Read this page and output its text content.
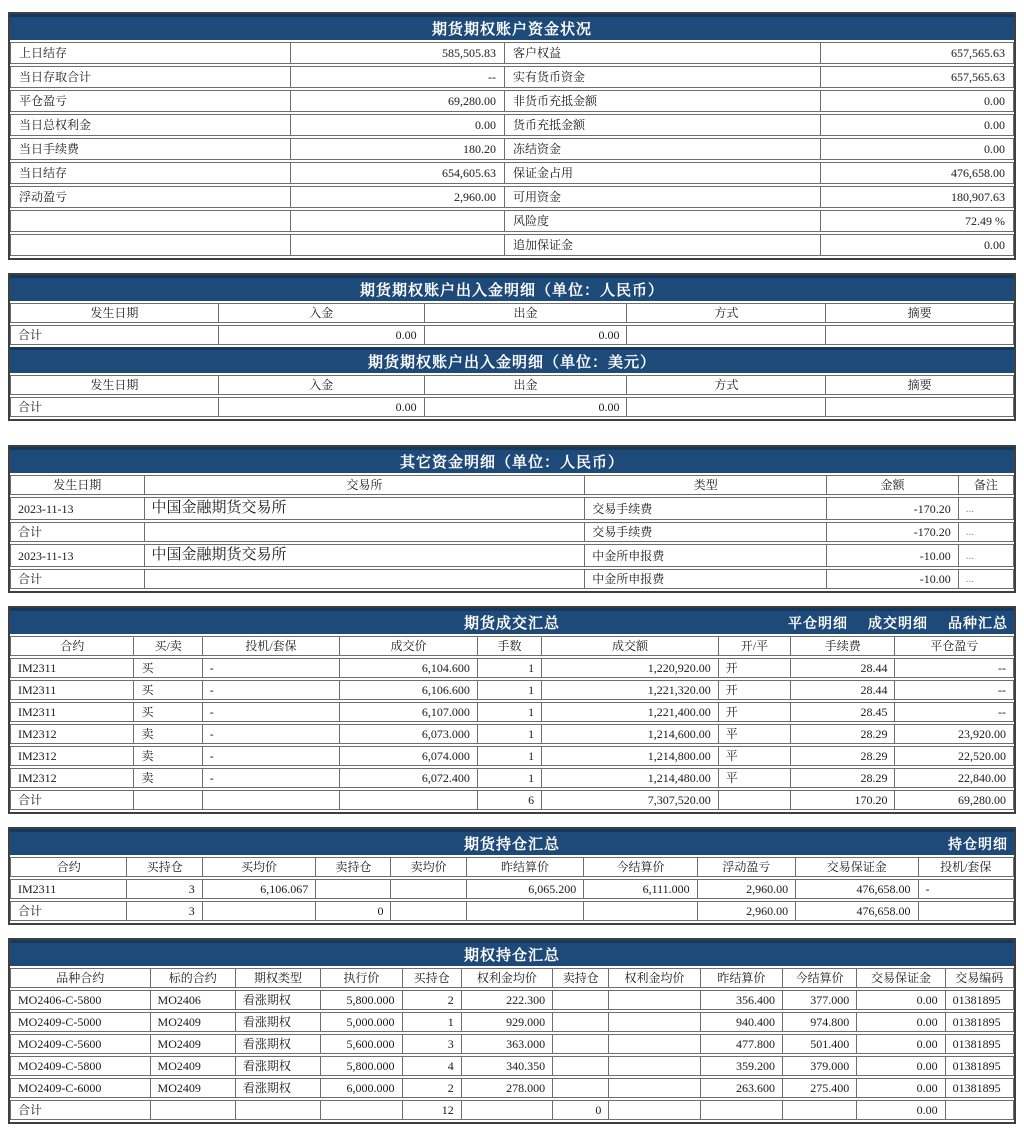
期货期权账户资金状况
上日结存	585,505.83	客户权益	657,565.63
当日存取合计	--	实有货币资金	657,565.63
平仓盈亏	69,280.00	非货币充抵金额	0.00
当日总权利金	0.00	货币充抵金额	0.00
当日手续费	180.20	冻结资金	0.00
当日结存	654,605.63	保证金占用	476,658.00
浮动盈亏	2,960.00	可用资金	180,907.63
		风险度	72.49 %
		追加保证金	0.00
期货期权账户出入金明细（单位：人民币）
发生日期	入金	出金	方式	摘要
合计	0.00	0.00		
期货期权账户出入金明细（单位：美元）
发生日期	入金	出金	方式	摘要
合计	0.00	0.00		
其它资金明细（单位：人民币）
发生日期	交易所	类型	金额	备注
2023-11-13	中国金融期货交易所	交易手续费	-170.20	...
合计		交易手续费	-170.20	...
2023-11-13	中国金融期货交易所	中金所申报费	-10.00	...
合计		中金所申报费	-10.00	...
期货成交汇总	平仓明细 成交明细 品种汇总
合约	买/卖	投机/套保	成交价	手数	成交额	开/平	手续费	平仓盈亏
IM2311	买	-	6,104.600	1	1,220,920.00	开	28.44	--
IM2311	买	-	6,106.600	1	1,221,320.00	开	28.44	--
IM2311	买	-	6,107.000	1	1,221,400.00	开	28.45	--
IM2312	卖	-	6,073.000	1	1,214,600.00	平	28.29	23,920.00
IM2312	卖	-	6,074.000	1	1,214,800.00	平	28.29	22,520.00
IM2312	卖	-	6,072.400	1	1,214,480.00	平	28.29	22,840.00
合计				6	7,307,520.00		170.20	69,280.00
期货持仓汇总	持仓明细
合约	买持仓	买均价	卖持仓	卖均价	昨结算价	今结算价	浮动盈亏	交易保证金	投机/套保
IM2311	3	6,106.067			6,065.200	6,111.000	2,960.00	476,658.00	-
合计	3		0				2,960.00	476,658.00	
期权持仓汇总
品种合约	标的合约	期权类型	执行价	买持仓	权利金均价	卖持仓	权利金均价	昨结算价	今结算价	交易保证金	交易编码
MO2406-C-5800	MO2406	看涨期权	5,800.000	2	222.300			356.400	377.000	0.00	01381895
MO2409-C-5000	MO2409	看涨期权	5,000.000	1	929.000			940.400	974.800	0.00	01381895
MO2409-C-5600	MO2409	看涨期权	5,600.000	3	363.000			477.800	501.400	0.00	01381895
MO2409-C-5800	MO2409	看涨期权	5,800.000	4	340.350			359.200	379.000	0.00	01381895
MO2409-C-6000	MO2409	看涨期权	6,000.000	2	278.000			263.600	275.400	0.00	01381895
合计				12		0				0.00	
